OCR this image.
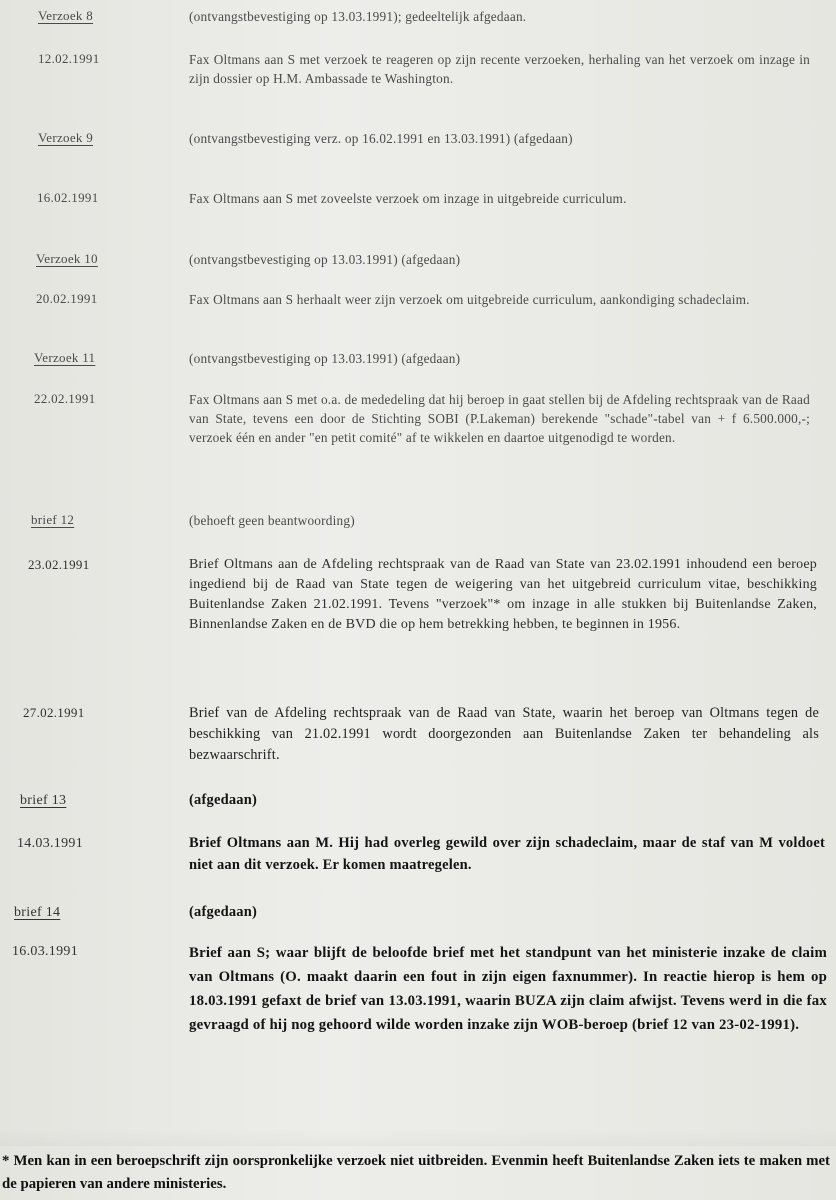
Verzoek 8	(ontvangstbevestiging op 13.03.1991); gedeeltelijk afgedaan.
12.02.1991	Fax Oltmans aan S met verzoek te reageren op zijn recente verzoeken, herhaling van het verzoek om inzage in zijn dossier op H.M. Ambassade te Washington.
Verzoek 9	(ontvangstbevestiging verz. op 16.02.1991 en 13.03.1991) (afgedaan)
16.02.1991	Fax Oltmans aan S met zoveelste verzoek om inzage in uitgebreide curriculum.
Verzoek 10	(ontvangstbevestiging op 13.03.1991) (afgedaan)
20.02.1991	Fax Oltmans aan S herhaalt weer zijn verzoek om uitgebreide curriculum, aankondiging schadeclaim.
Verzoek 11	(ontvangstbevestiging op 13.03.1991) (afgedaan)
22.02.1991	Fax Oltmans aan S met o.a. de mededeling dat hij beroep in gaat stellen bij de Afdeling rechtspraak van de Raad van State, tevens een door de Stichting SOBI (P.Lakeman) berekende "schade"-tabel van + f 6.500.000,-; verzoek één en ander "en petit comité" af te wikkelen en daartoe uitgenodigd te worden.
brief 12	(behoeft geen beantwoording)
23.02.1991	Brief Oltmans aan de Afdeling rechtspraak van de Raad van State van 23.02.1991 inhoudend een beroep ingediend bij de Raad van State tegen de weigering van het uitgebreid curriculum vitae, beschikking Buitenlandse Zaken 21.02.1991. Tevens "verzoek"* om inzage in alle stukken bij Buitenlandse Zaken, Binnenlandse Zaken en de BVD die op hem betrekking hebben, te beginnen in 1956.
27.02.1991	Brief van de Afdeling rechtspraak van de Raad van State, waarin het beroep van Oltmans tegen de beschikking van 21.02.1991 wordt doorgezonden aan Buitenlandse Zaken ter behandeling als bezwaarschrift.
brief 13	(afgedaan)
14.03.1991	Brief Oltmans aan M. Hij had overleg gewild over zijn schadeclaim, maar de staf van M voldoet niet aan dit verzoek. Er komen maatregelen.
brief 14	(afgedaan)
16.03.1991	Brief aan S; waar blijft de beloofde brief met het standpunt van het ministerie inzake de claim van Oltmans (O. maakt daarin een fout in zijn eigen faxnummer). In reactie hierop is hem op 18.03.1991 gefaxt de brief van 13.03.1991, waarin BUZA zijn claim afwijst. Tevens werd in die fax gevraagd of hij nog gehoord wilde worden inzake zijn WOB-beroep (brief 12 van 23-02-1991).
* Men kan in een beroepschrift zijn oorspronkelijke verzoek niet uitbreiden. Evenmin heeft Buitenlandse Zaken iets te maken met de papieren van andere ministeries.
